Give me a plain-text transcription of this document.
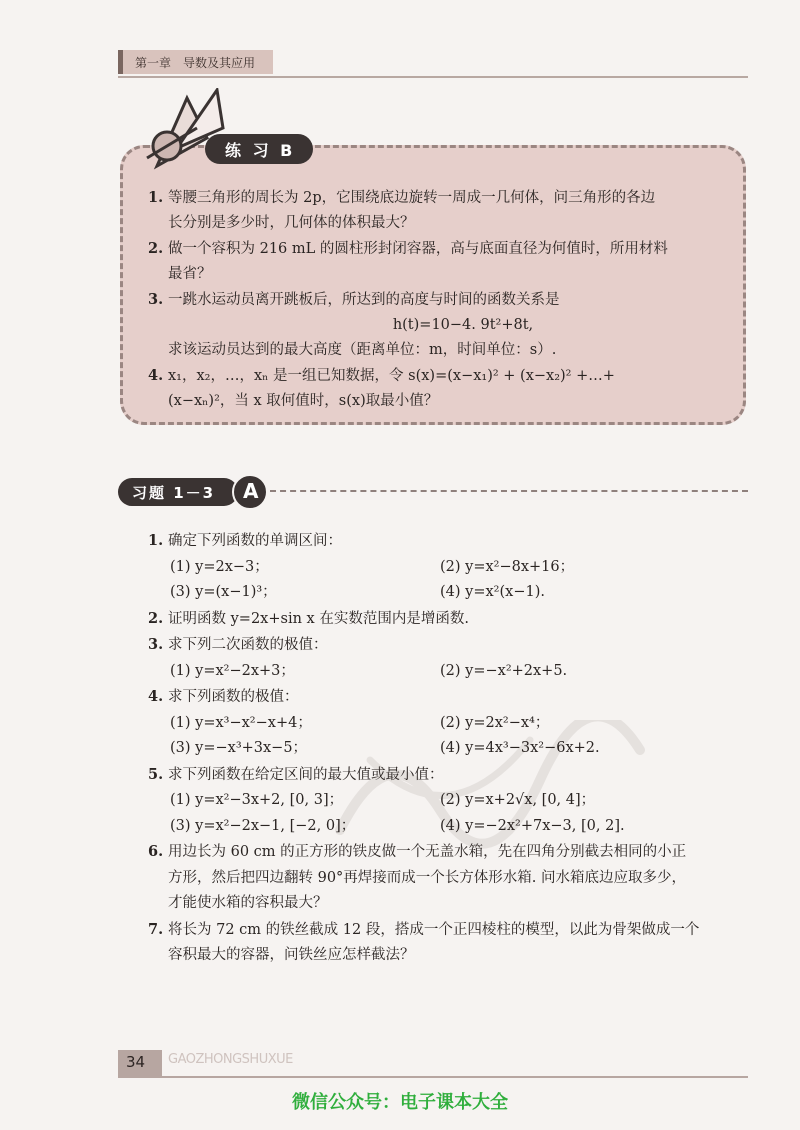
第一章　导数及其应用
练 习 B
1. 等腰三角形的周长为 2p，它围绕底边旋转一周成一几何体，问三角形的各边
长分别是多少时，几何体的体积最大？
2. 做一个容积为 216 mL 的圆柱形封闭容器，高与底面直径为何值时，所用材料
最省？
3. 一跳水运动员离开跳板后，所达到的高度与时间的函数关系是
h(t)=10−4. 9t²+8t,
求该运动员达到的最大高度（距离单位：m，时间单位：s）.
4. x₁，x₂，…，xₙ 是一组已知数据，令 s(x)=(x−x₁)² + (x−x₂)² +…+
(x−xₙ)²，当 x 取何值时，s(x)取最小值？
习题 1－3 A
1. 确定下列函数的单调区间：
(1) y=2x−3；	(2) y=x²−8x+16；
(3) y=(x−1)³；	(4) y=x²(x−1).
2. 证明函数 y=2x+sin x 在实数范围内是增函数.
3. 求下列二次函数的极值：
(1) y=x²−2x+3；	(2) y=−x²+2x+5.
4. 求下列函数的极值：
(1) y=x³−x²−x+4；	(2) y=2x²−x⁴；
(3) y=−x³+3x−5；	(4) y=4x³−3x²−6x+2.
5. 求下列函数在给定区间的最大值或最小值：
(1) y=x²−3x+2, [0, 3]；	(2) y=x+2√x, [0, 4]；
(3) y=x²−2x−1, [−2, 0]；	(4) y=−2x²+7x−3, [0, 2].
6. 用边长为 60 cm 的正方形的铁皮做一个无盖水箱，先在四角分别截去相同的小正
方形，然后把四边翻转 90°再焊接而成一个长方体形水箱. 问水箱底边应取多少，
才能使水箱的容积最大？
7. 将长为 72 cm 的铁丝截成 12 段，搭成一个正四棱柱的模型，以此为骨架做成一个
容积最大的容器，问铁丝应怎样截法？
34 GAOZHONGSHUXUE
微信公众号：电子课本大全
